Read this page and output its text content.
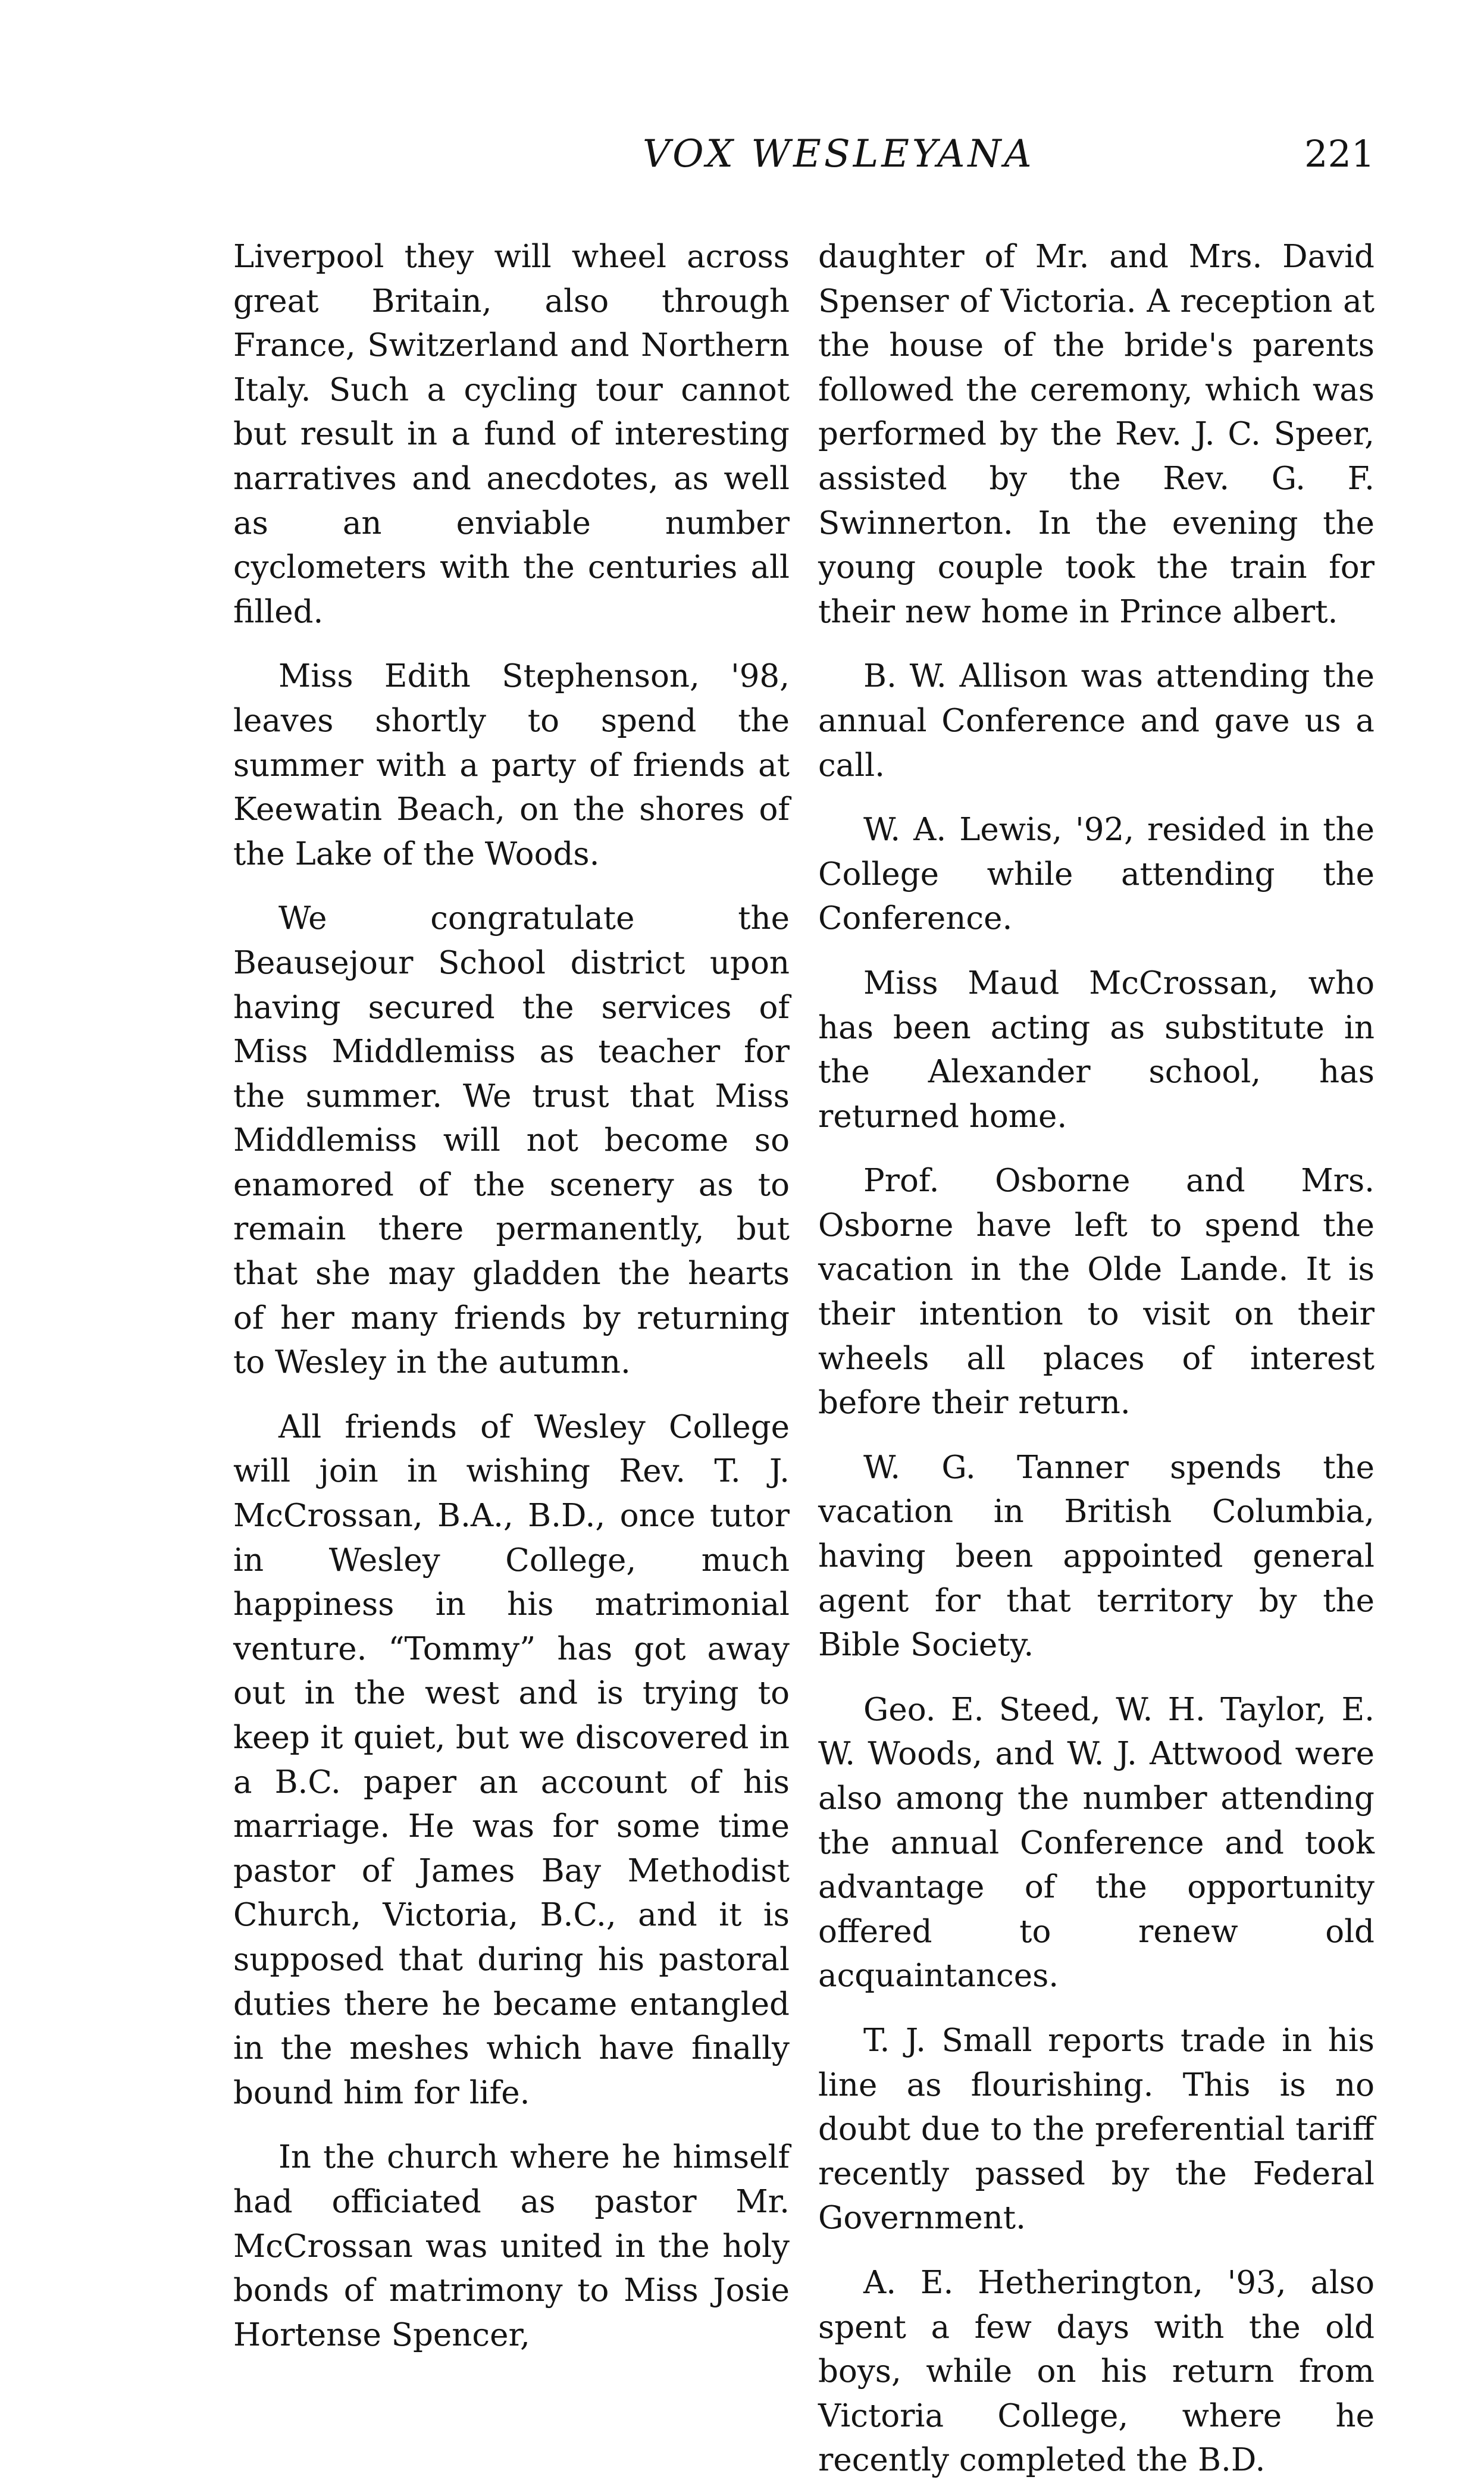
VOX WESLEYANA	221

Liverpool they will wheel across great Britain, also through France, Switzerland and Northern Italy. Such a cycling tour cannot but result in a fund of interesting narratives and anecdotes, as well as an enviable number cyclometers with the centuries all filled.

Miss Edith Stephenson, '98, leaves shortly to spend the summer with a party of friends at Keewatin Beach, on the shores of the Lake of the Woods.

We congratulate the Beausejour School district upon having secured the services of Miss Middlemiss as teacher for the summer. We trust that Miss Middlemiss will not become so enamored of the scenery as to remain there permanently, but that she may gladden the hearts of her many friends by returning to Wesley in the autumn.

All friends of Wesley College will join in wishing Rev. T. J. McCrossan, B.A., B.D., once tutor in Wesley College, much happiness in his matrimonial venture. “Tommy” has got away out in the west and is trying to keep it quiet, but we discovered in a B.C. paper an account of his marriage. He was for some time pastor of James Bay Methodist Church, Victoria, B.C., and it is supposed that during his pastoral duties there he became entangled in the meshes which have finally bound him for life.

In the church where he himself had officiated as pastor Mr. McCrossan was united in the holy bonds of matrimony to Miss Josie Hortense Spencer,

daughter of Mr. and Mrs. David Spenser of Victoria. A reception at the house of the bride's parents followed the ceremony, which was performed by the Rev. J. C. Speer, assisted by the Rev. G. F. Swinnerton. In the evening the young couple took the train for their new home in Prince albert.

B. W. Allison was attending the annual Conference and gave us a call.

W. A. Lewis, '92, resided in the College while attending the Conference.

Miss Maud McCrossan, who has been acting as substitute in the Alexander school, has returned home.

Prof. Osborne and Mrs. Osborne have left to spend the vacation in the Olde Lande. It is their intention to visit on their wheels all places of interest before their return.

W. G. Tanner spends the vacation in British Columbia, having been appointed general agent for that territory by the Bible Society.

Geo. E. Steed, W. H. Taylor, E. W. Woods, and W. J. Attwood were also among the number attending the annual Conference and took advantage of the opportunity offered to renew old acquaintances.

T. J. Small reports trade in his line as flourishing. This is no doubt due to the preferential tariff recently passed by the Federal Government.

A. E. Hetherington, '93, also spent a few days with the old boys, while on his return from Victoria College, where he recently completed the B.D.
